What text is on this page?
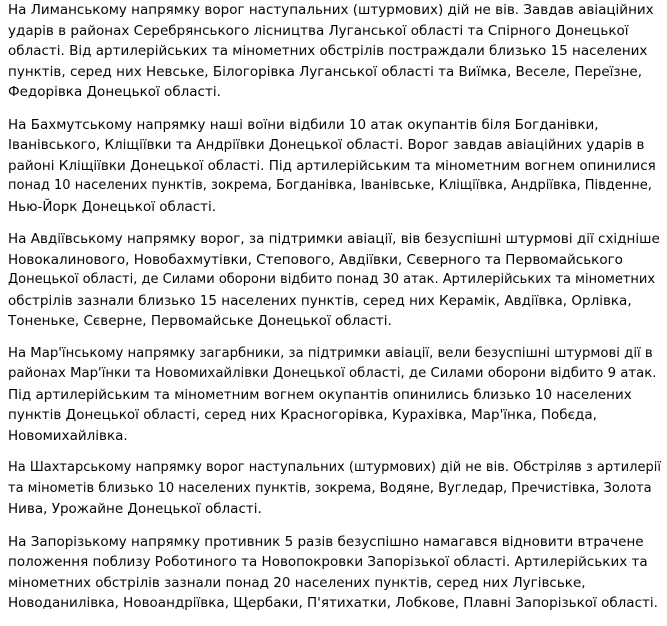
На Лиманському напрямку ворог наступальних (штурмових) дій не вів. Завдав авіаційних
ударів в районах Серебрянського лісництва Луганської області та Спірного Донецької
області. Від артилерійських та мінометних обстрілів постраждали близько 15 населених
пунктів, серед них Невське, Білогорівка Луганської області та Виїмка, Веселе, Переїзне,
Федорівка Донецької області.

На Бахмутському напрямку наші воїни відбили 10 атак окупантів біля Богданівки,
Іванівського, Кліщіївки та Андріївки Донецької області. Ворог завдав авіаційних ударів в
районі Кліщіївки Донецької області. Під артилерійським та мінометним вогнем опинилися
понад 10 населених пунктів, зокрема, Богданівка, Іванівське, Кліщіївка, Андріївка, Південне,
Нью-Йорк Донецької області.

На Авдіївському напрямку ворог, за підтримки авіації, вів безуспішні штурмові дії східніше
Новокалинового, Новобахмутівки, Степового, Авдіївки, Сєверного та Первомайського
Донецької області, де Силами оборони відбито понад 30 атак. Артилерійських та мінометних
обстрілів зазнали близько 15 населених пунктів, серед них Керамік, Авдіївка, Орлівка,
Тоненьке, Сєверне, Первомайське Донецької області.

На Мар'їнському напрямку загарбники, за підтримки авіації, вели безуспішні штурмові дії в
районах Мар'їнки та Новомихайлівки Донецької області, де Силами оборони відбито 9 атак.
Під артилерійським та мінометним вогнем окупантів опинились близько 10 населених
пунктів Донецької області, серед них Красногорівка, Курахівка, Мар'їнка, Побєда,
Новомихайлівка.

На Шахтарському напрямку ворог наступальних (штурмових) дій не вів. Обстріляв з артилерії
та мінометів близько 10 населених пунктів, зокрема, Водяне, Вугледар, Пречистівка, Золота
Нива, Урожайне Донецької області.

На Запорізькому напрямку противник 5 разів безуспішно намагався відновити втрачене
положення поблизу Роботиного та Новопокровки Запорізької області. Артилерійських та
мінометних обстрілів зазнали понад 20 населених пунктів, серед них Лугівське,
Новоданилівка, Новоандріївка, Щербаки, П'ятихатки, Лобкове, Плавні Запорізької області.
